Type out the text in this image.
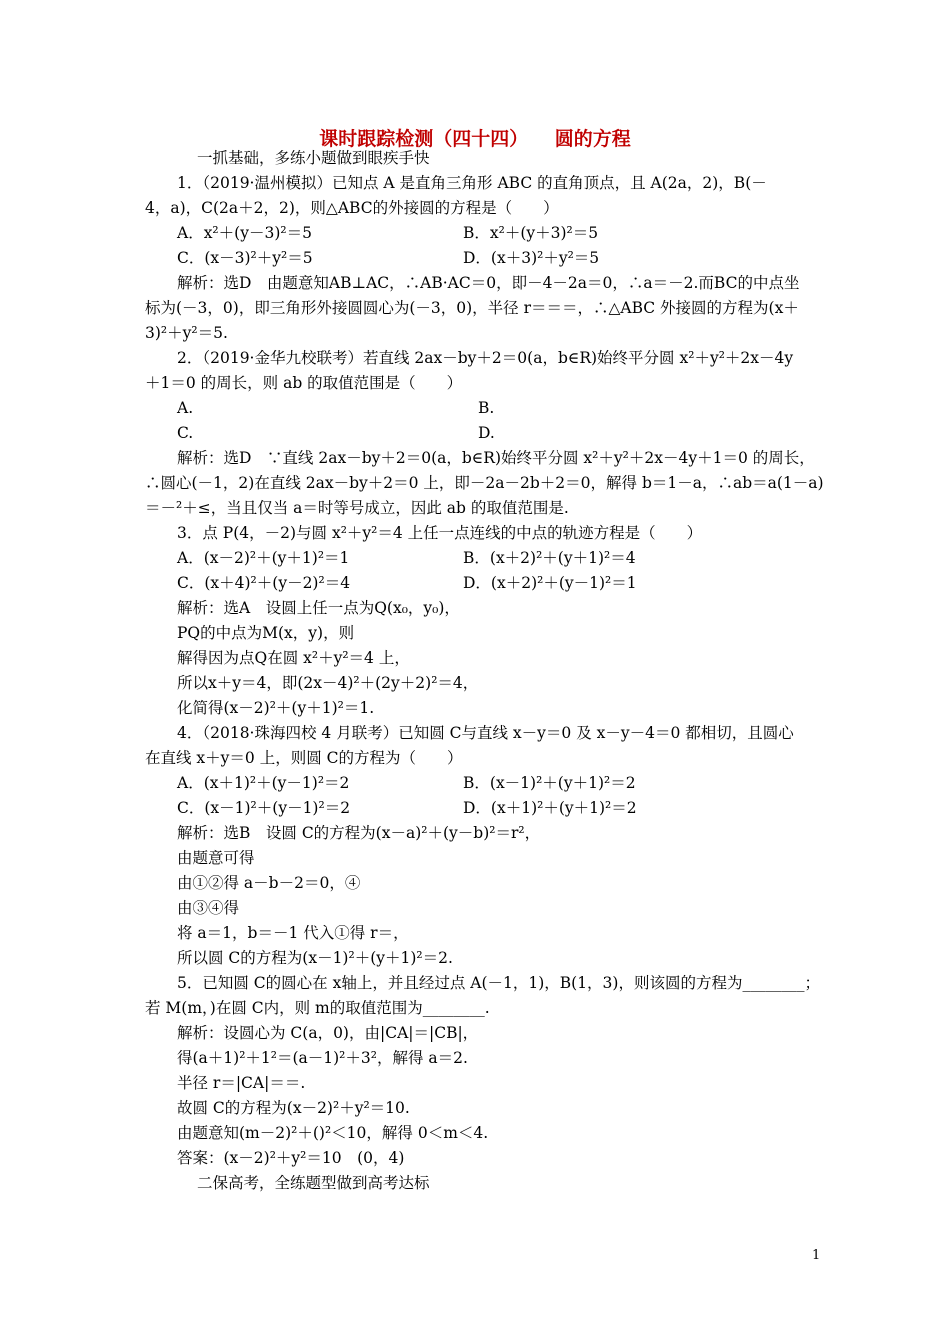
课时跟踪检测（四十四）    圆的方程
一抓基础，多练小题做到眼疾手快
1．（2019·温州模拟）已知点 A 是直角三角形 ABC 的直角顶点，且 A(2a，2)，B(－
4，a)，C(2a＋2，2)，则△ABC的外接圆的方程是（　　）
A．x²＋(y－3)²＝5	B．x²＋(y＋3)²＝5
C．(x－3)²＋y²＝5	D．(x＋3)²＋y²＝5
解析：选D　由题意知AB⊥AC，∴AB·AC＝0，即－4－2a＝0，∴a＝－2.而BC的中点坐
标为(－3，0)，即三角形外接圆圆心为(－3，0)，半径 r＝＝＝，∴△ABC 外接圆的方程为(x＋
3)²＋y²＝5.
2．（2019·金华九校联考）若直线 2ax－by＋2＝0(a，b∈R)始终平分圆 x²＋y²＋2x－4y
＋1＝0 的周长，则 ab 的取值范围是（　　）
A.	B.
C.	D.
解析：选D　∵直线 2ax－by＋2＝0(a，b∈R)始终平分圆 x²＋y²＋2x－4y＋1＝0 的周长，
∴圆心(－1，2)在直线 2ax－by＋2＝0 上，即－2a－2b＋2＝0，解得 b＝1－a，∴ab＝a(1－a)
＝－²＋≤，当且仅当 a＝时等号成立，因此 ab 的取值范围是.
3．点 P(4，－2)与圆 x²＋y²＝4 上任一点连线的中点的轨迹方程是（　　）
A．(x－2)²＋(y＋1)²＝1	B．(x＋2)²＋(y＋1)²＝4
C．(x＋4)²＋(y－2)²＝4	D．(x＋2)²＋(y－1)²＝1
解析：选A　设圆上任一点为Q(x₀，y₀)，
PQ的中点为M(x，y)，则
解得因为点Q在圆 x²＋y²＝4 上，
所以x＋y＝4，即(2x－4)²＋(2y＋2)²＝4，
化简得(x－2)²＋(y＋1)²＝1.
4．（2018·珠海四校 4 月联考）已知圆 C与直线 x－y＝0 及 x－y－4＝0 都相切，且圆心
在直线 x＋y＝0 上，则圆 C的方程为（　　）
A．(x＋1)²＋(y－1)²＝2	B．(x－1)²＋(y＋1)²＝2
C．(x－1)²＋(y－1)²＝2	D．(x＋1)²＋(y＋1)²＝2
解析：选B　设圆 C的方程为(x－a)²＋(y－b)²＝r²，
由题意可得
由①②得 a－b－2＝0，④
由③④得
将 a＝1，b＝－1 代入①得 r＝，
所以圆 C的方程为(x－1)²＋(y＋1)²＝2.
5．已知圆 C的圆心在 x轴上，并且经过点 A(－1，1)，B(1，3)，则该圆的方程为________；
若 M(m，)在圆 C内，则 m的取值范围为________.
解析：设圆心为 C(a，0)，由|CA|＝|CB|，
得(a＋1)²＋1²＝(a－1)²＋3²，解得 a＝2.
半径 r＝|CA|＝＝.
故圆 C的方程为(x－2)²＋y²＝10.
由题意知(m－2)²＋()²＜10，解得 0＜m＜4.
答案：(x－2)²＋y²＝10　(0，4)
二保高考，全练题型做到高考达标
1
